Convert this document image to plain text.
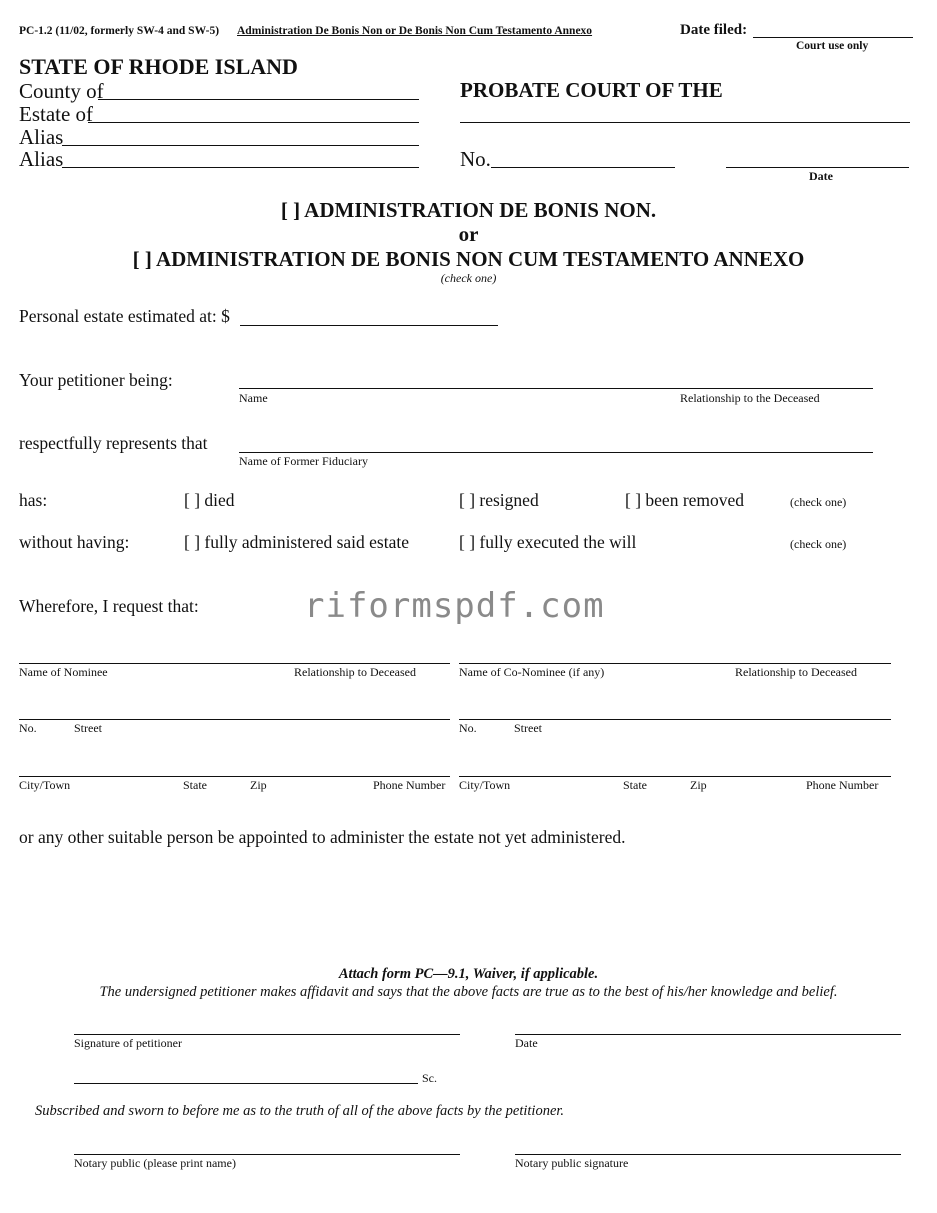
PC-1.2 (11/02, formerly SW-4 and SW-5) Administration De Bonis Non or De Bonis Non Cum Testamento Annexo	Date filed:
Court use only
STATE OF RHODE ISLAND
County of
Estate of
Alias
Alias
PROBATE COURT OF THE
No.
Date
[ ] ADMINISTRATION DE BONIS NON.
or
[ ] ADMINISTRATION DE BONIS NON CUM TESTAMENTO ANNEXO
(check one)
Personal estate estimated at: $
Your petitioner being:
Name	Relationship to the Deceased
respectfully represents that
Name of Former Fiduciary
has:	[ ] died	[ ] resigned	[ ] been removed	(check one)
without having:	[ ] fully administered said estate	[ ] fully executed the will	(check one)
Wherefore, I request that:	riformspdf.com
Name of Nominee	Relationship to Deceased
No.	Street
City/Town	State	Zip	Phone Number
Name of Co-Nominee (if any)	Relationship to Deceased
No.	Street
City/Town	State	Zip	Phone Number
or any other suitable person be appointed to administer the estate not yet administered.
Attach form PC—9.1, Waiver, if applicable.
The undersigned petitioner makes affidavit and says that the above facts are true as to the best of his/her knowledge and belief.
Signature of petitioner	Date
Sc.
Subscribed and sworn to before me as to the truth of all of the above facts by the petitioner.
Notary public (please print name)	Notary public signature
